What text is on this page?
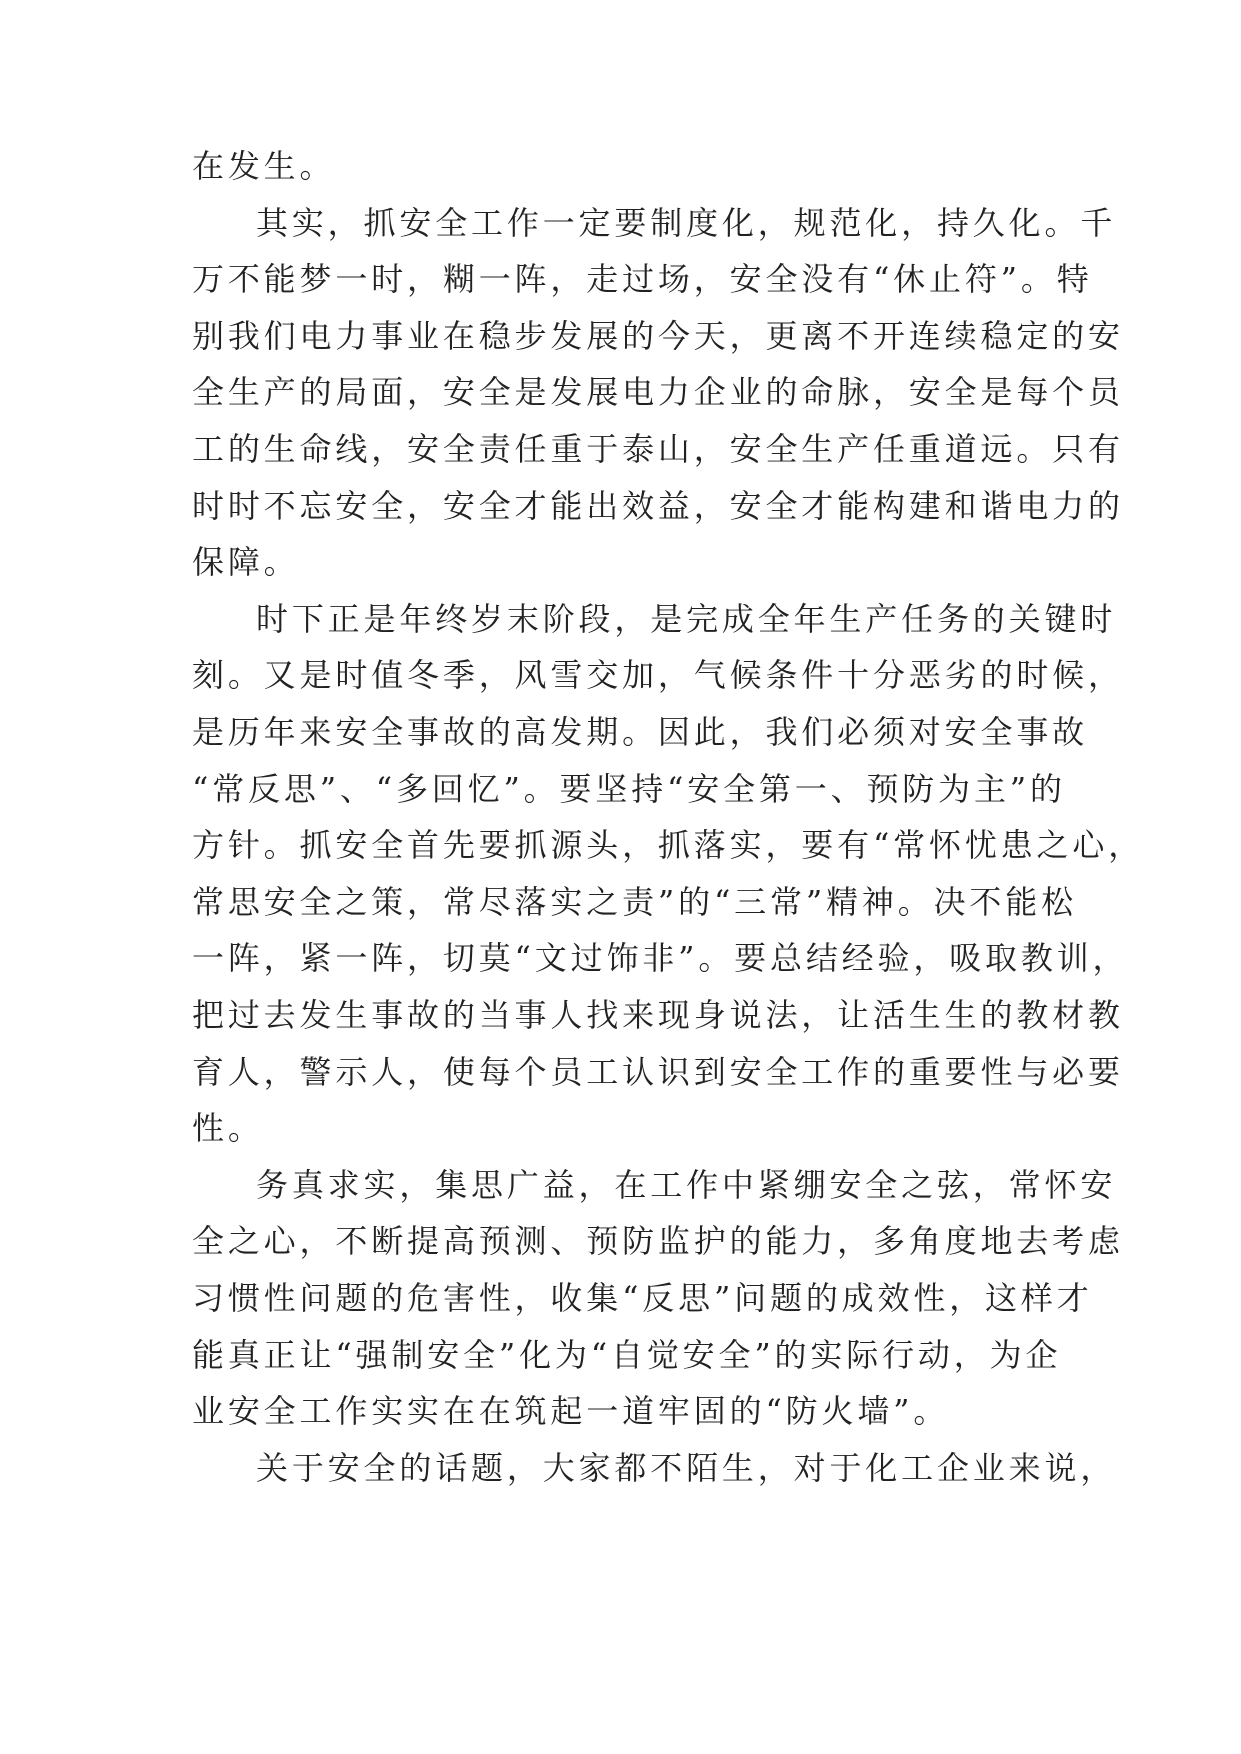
在发生。
其实，抓安全工作一定要制度化，规范化，持久化。千
万不能梦一时，糊一阵，走过场，安全没有“休止符”。特
别我们电力事业在稳步发展的今天，更离不开连续稳定的安
全生产的局面，安全是发展电力企业的命脉，安全是每个员
工的生命线，安全责任重于泰山，安全生产任重道远。只有
时时不忘安全，安全才能出效益，安全才能构建和谐电力的
保障。
时下正是年终岁末阶段，是完成全年生产任务的关键时
刻。又是时值冬季，风雪交加，气候条件十分恶劣的时候，
是历年来安全事故的高发期。因此，我们必须对安全事故
“常反思”、“多回忆”。要坚持“安全第一、预防为主”的
方针。抓安全首先要抓源头，抓落实，要有“常怀忧患之心，
常思安全之策，常尽落实之责”的“三常”精神。决不能松
一阵，紧一阵，切莫“文过饰非”。要总结经验，吸取教训，
把过去发生事故的当事人找来现身说法，让活生生的教材教
育人，警示人，使每个员工认识到安全工作的重要性与必要
性。
务真求实，集思广益，在工作中紧绷安全之弦，常怀安
全之心，不断提高预测、预防监护的能力，多角度地去考虑
习惯性问题的危害性，收集“反思”问题的成效性，这样才
能真正让“强制安全”化为“自觉安全”的实际行动，为企
业安全工作实实在在筑起一道牢固的“防火墙”。
关于安全的话题，大家都不陌生，对于化工企业来说，
